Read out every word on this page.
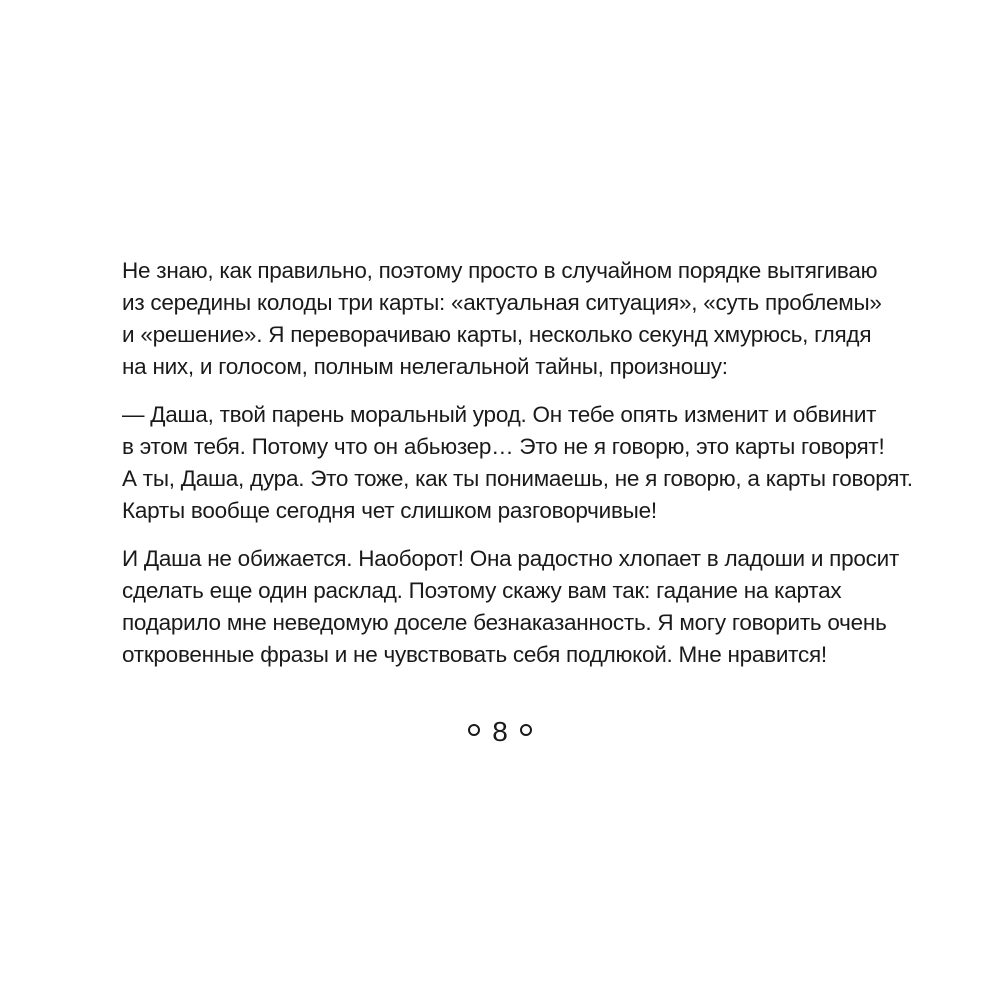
Не знаю, как правильно, поэтому просто в случайном порядке вытягиваю
из середины колоды три карты: «актуальная ситуация», «суть проблемы»
и «решение». Я переворачиваю карты, несколько секунд хмурюсь, глядя
на них, и голосом, полным нелегальной тайны, произношу:

— Даша, твой парень моральный урод. Он тебе опять изменит и обвинит
в этом тебя. Потому что он абьюзер… Это не я говорю, это карты говорят!
А ты, Даша, дура. Это тоже, как ты понимаешь, не я говорю, а карты говорят.
Карты вообще сегодня чет слишком разговорчивые!

И Даша не обижается. Наоборот! Она радостно хлопает в ладоши и просит
сделать еще один расклад. Поэтому скажу вам так: гадание на картах
подарило мне неведомую доселе безнаказанность. Я могу говорить очень
откровенные фразы и не чувствовать себя подлюкой. Мне нравится!

8
